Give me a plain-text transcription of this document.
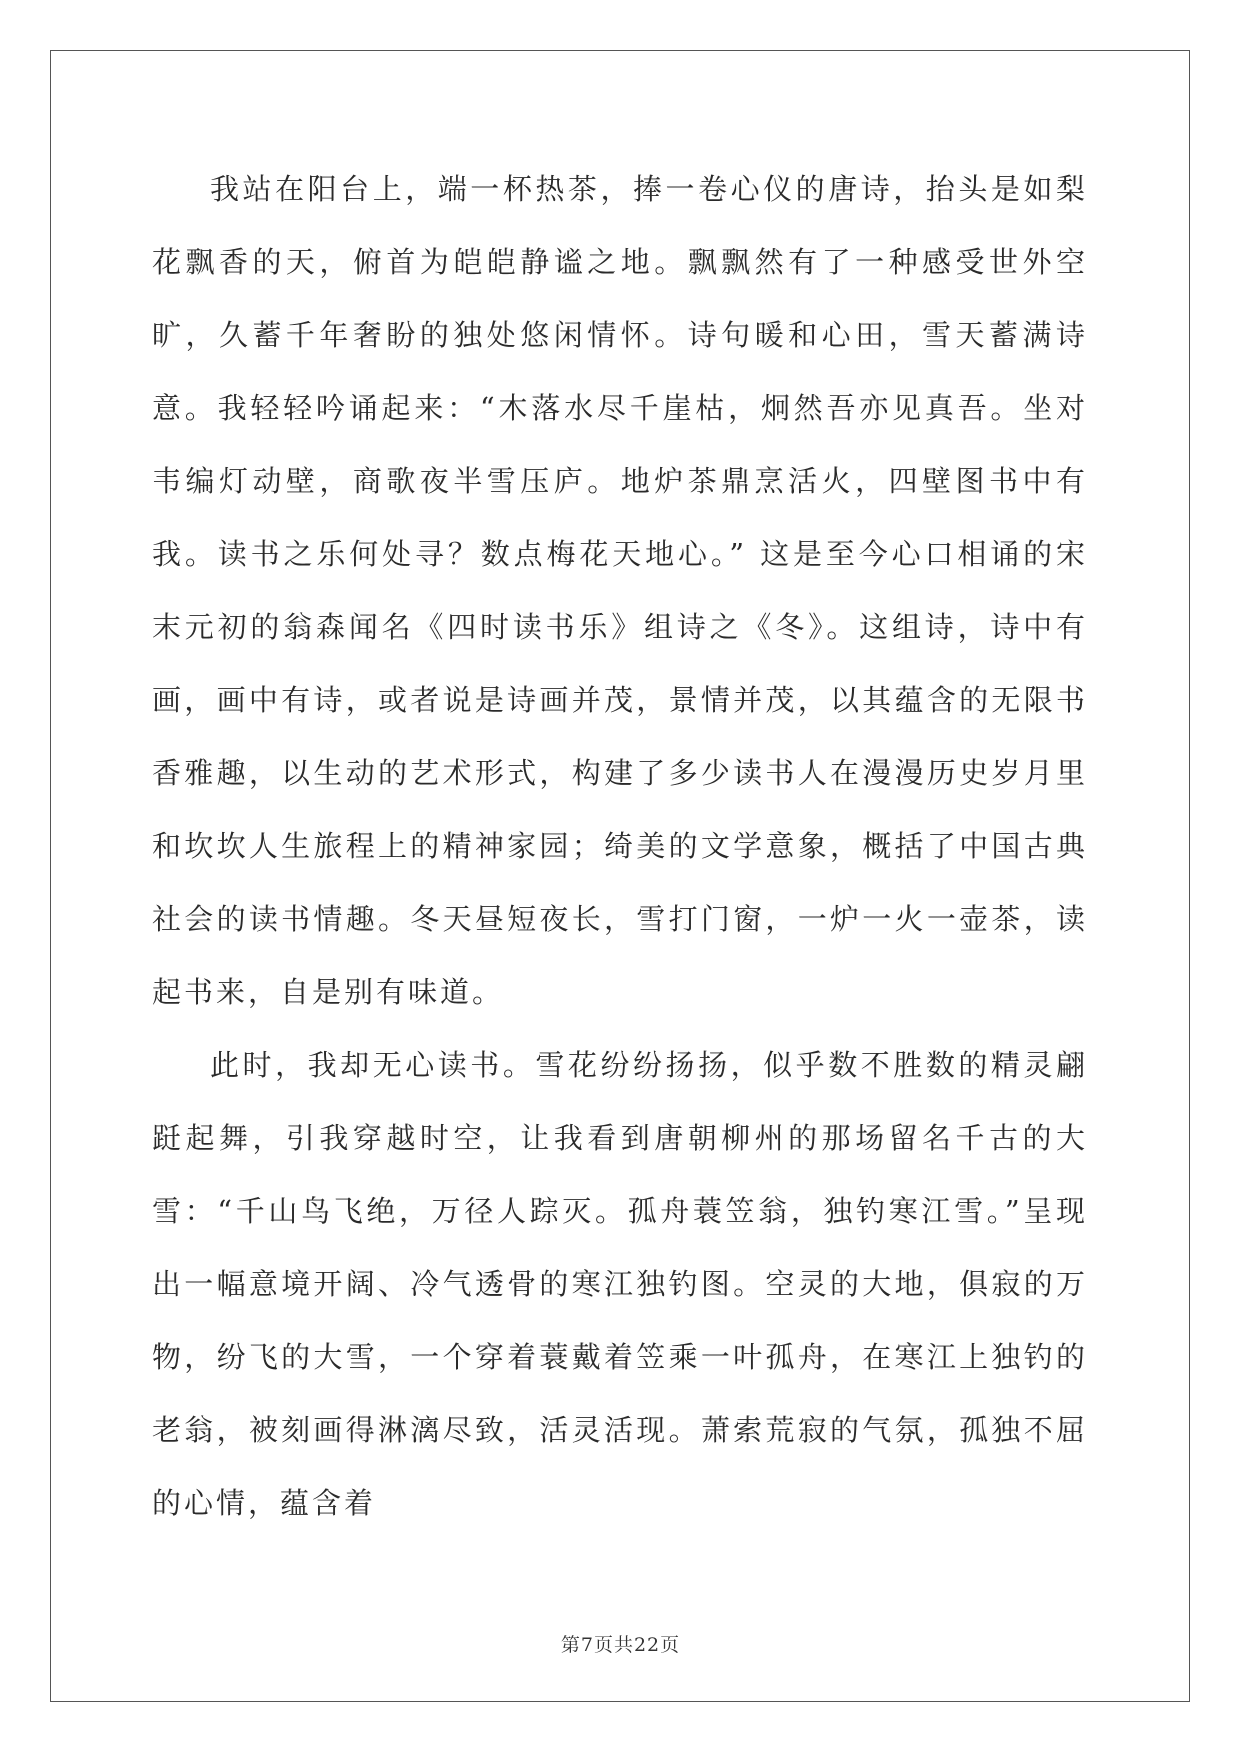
我站在阳台上，端一杯热茶，捧一卷心仪的唐诗，抬头是如梨花飘香的天，俯首为皑皑静谧之地。飘飘然有了一种感受世外空旷，久蓄千年奢盼的独处悠闲情怀。诗句暖和心田，雪天蓄满诗意。我轻轻吟诵起来：“木落水尽千崖枯，炯然吾亦见真吾。坐对韦编灯动壁，商歌夜半雪压庐。地炉茶鼎烹活火，四壁图书中有我。读书之乐何处寻？数点梅花天地心。” 这是至今心口相诵的宋末元初的翁森闻名《四时读书乐》组诗之《冬》。这组诗，诗中有画，画中有诗，或者说是诗画并茂，景情并茂，以其蕴含的无限书香雅趣，以生动的艺术形式，构建了多少读书人在漫漫历史岁月里和坎坎人生旅程上的精神家园；绮美的文学意象，概括了中国古典社会的读书情趣。冬天昼短夜长，雪打门窗，一炉一火一壶茶，读起书来，自是别有味道。

此时，我却无心读书。雪花纷纷扬扬，似乎数不胜数的精灵翩跹起舞，引我穿越时空，让我看到唐朝柳州的那场留名千古的大雪：“千山鸟飞绝，万径人踪灭。孤舟蓑笠翁，独钓寒江雪。”呈现出一幅意境开阔、冷气透骨的寒江独钓图。空灵的大地，俱寂的万物，纷飞的大雪，一个穿着蓑戴着笠乘一叶孤舟，在寒江上独钓的老翁，被刻画得淋漓尽致，活灵活现。萧索荒寂的气氛，孤独不屈的心情，蕴含着

第7页共22页
